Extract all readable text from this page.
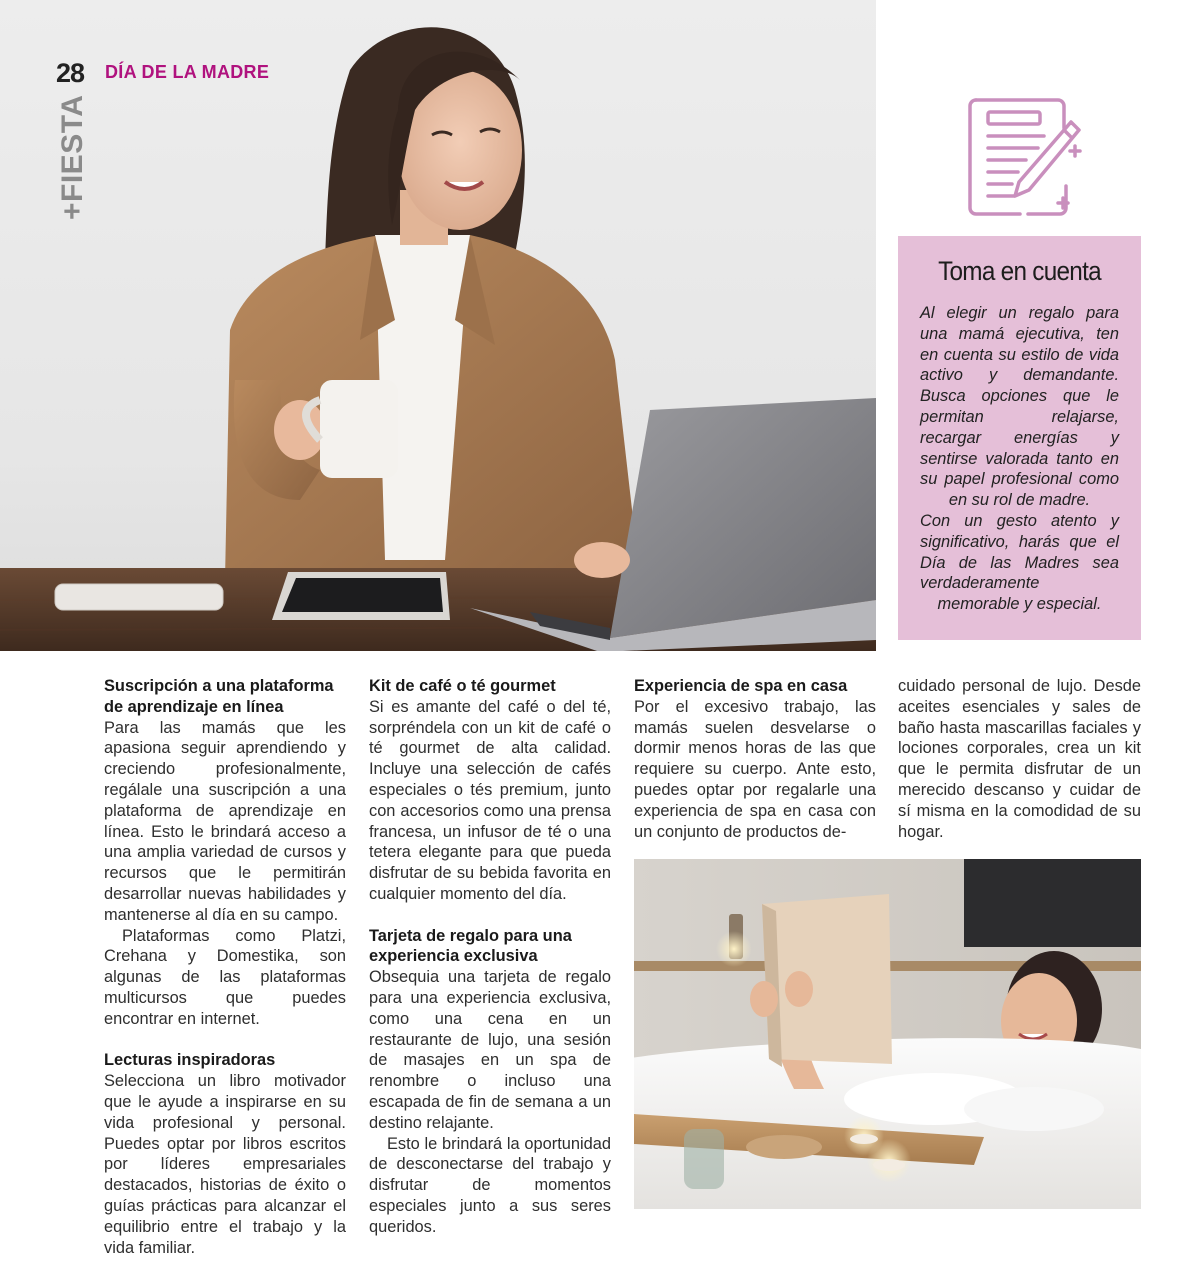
28 DÍA DE LA MADRE
+FIESTA
Toma en cuenta

Al elegir un regalo para una mamá ejecutiva, ten en cuenta su estilo de vida activo y demandante. Busca opciones que le permitan relajarse, recargar energías y sentirse valorada tanto en su papel profesional como en su rol de madre.

Con un gesto atento y significativo, harás que el Día de las Madres sea verdaderamente memorable y especial.

Suscripción a una plataforma de aprendizaje en línea

Para las mamás que les apasiona seguir aprendiendo y creciendo profesionalmente, regálale una suscripción a una plataforma de aprendizaje en línea. Esto le brindará acceso a una amplia variedad de cursos y recursos que le permitirán desarrollar nuevas habilidades y mantenerse al día en su campo.

Plataformas como Platzi, Crehana y Domestika, son algunas de las plataformas multicursos que puedes encontrar en internet.

Lecturas inspiradoras

Selecciona un libro motivador que le ayude a inspirarse en su vida profesional y personal. Puedes optar por libros escritos por líderes empresariales destacados, historias de éxito o guías prácticas para alcanzar el equilibrio entre el trabajo y la vida familiar.

Kit de café o té gourmet

Si es amante del café o del té, sorpréndela con un kit de café o té gourmet de alta calidad. Incluye una selección de cafés especiales o tés premium, junto con accesorios como una prensa francesa, un infusor de té o una tetera elegante para que pueda disfrutar de su bebida favorita en cualquier momento del día.

Tarjeta de regalo para una experiencia exclusiva

Obsequia una tarjeta de regalo para una experiencia exclusiva, como una cena en un restaurante de lujo, una sesión de masajes en un spa de renombre o incluso una escapada de fin de semana a un destino relajante.

Esto le brindará la oportunidad de desconectarse del trabajo y disfrutar de momentos especiales junto a sus seres queridos.

Experiencia de spa en casa

Por el excesivo trabajo, las mamás suelen desvelarse o dormir menos horas de las que requiere su cuerpo. Ante esto, puedes optar por regalarle una experiencia de spa en casa con un conjunto de productos de-

cuidado personal de lujo. Desde aceites esenciales y sales de baño hasta mascarillas faciales y lociones corporales, crea un kit que le permita disfrutar de un merecido descanso y cuidar de sí misma en la comodidad de su hogar.
